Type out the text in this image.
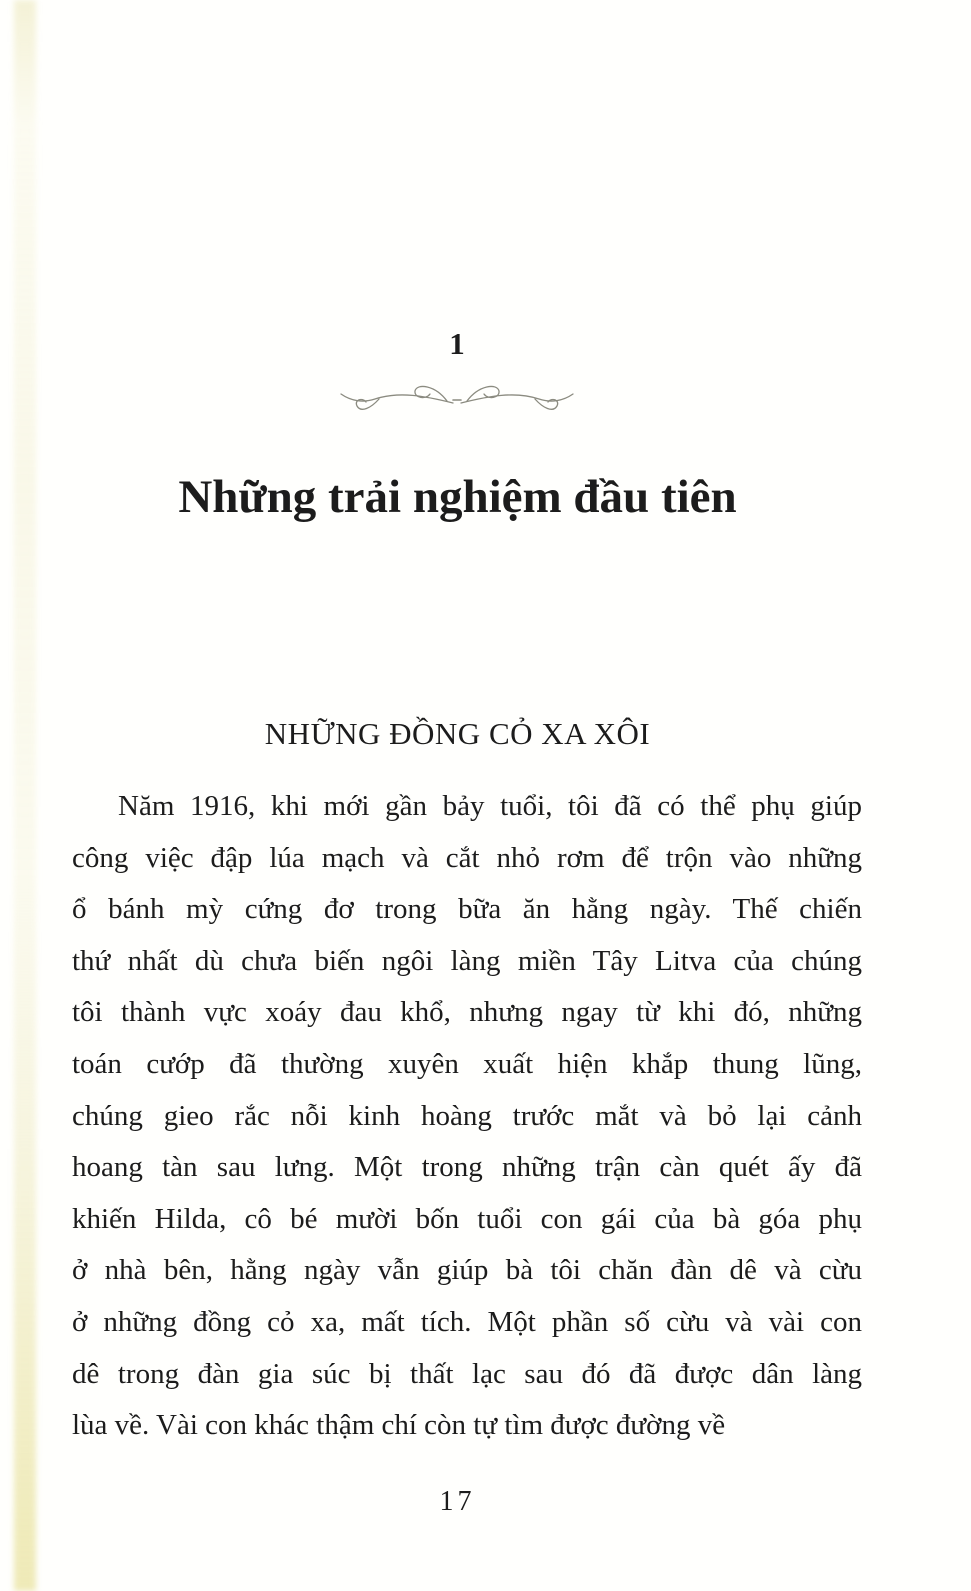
1
Những trải nghiệm đầu tiên
NHỮNG ĐỒNG CỎ XA XÔI
Năm 1916, khi mới gần bảy tuổi, tôi đã có thể phụ giúp
công việc đập lúa mạch và cắt nhỏ rơm để trộn vào những
ổ bánh mỳ cứng đơ trong bữa ăn hằng ngày. Thế chiến
thứ nhất dù chưa biến ngôi làng miền Tây Litva của chúng
tôi thành vực xoáy đau khổ, nhưng ngay từ khi đó, những
toán cướp đã thường xuyên xuất hiện khắp thung lũng,
chúng gieo rắc nỗi kinh hoàng trước mắt và bỏ lại cảnh
hoang tàn sau lưng. Một trong những trận càn quét ấy đã
khiến Hilda, cô bé mười bốn tuổi con gái của bà góa phụ
ở nhà bên, hằng ngày vẫn giúp bà tôi chăn đàn dê và cừu
ở những đồng cỏ xa, mất tích. Một phần số cừu và vài con
dê trong đàn gia súc bị thất lạc sau đó đã được dân làng
lùa về. Vài con khác thậm chí còn tự tìm được đường về
17
